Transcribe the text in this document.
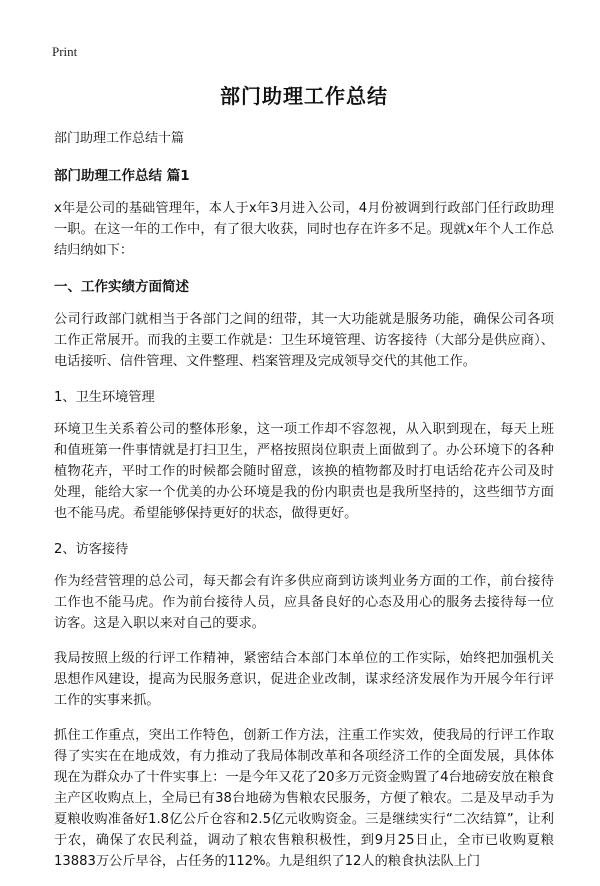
Print
部门助理工作总结
部门助理工作总结十篇
部门助理工作总结 篇1

x年是公司的基础管理年，本人于x年3月进入公司，4月份被调到行政部门任行政助理一职。在这一年的工作中，有了很大收获，同时也存在许多不足。现就x年个人工作总结归纳如下：

一、工作实绩方面简述

公司行政部门就相当于各部门之间的纽带，其一大功能就是服务功能，确保公司各项工作正常展开。而我的主要工作就是：卫生环境管理、访客接待（大部分是供应商）、电话接听、信件管理、文件整理、档案管理及完成领导交代的其他工作。

1、卫生环境管理

环境卫生关系着公司的整体形象，这一项工作却不容忽视，从入职到现在，每天上班和值班第一件事情就是打扫卫生，严格按照岗位职责上面做到了。办公环境下的各种植物花卉，平时工作的时候都会随时留意，该换的植物都及时打电话给花卉公司及时处理，能给大家一个优美的办公环境是我的份内职责也是我所坚持的，这些细节方面也不能马虎。希望能够保持更好的状态，做得更好。

2、访客接待

作为经营管理的总公司，每天都会有许多供应商到访谈判业务方面的工作，前台接待工作也不能马虎。作为前台接待人员，应具备良好的心态及用心的服务去接待每一位访客。这是入职以来对自己的要求。

我局按照上级的行评工作精神，紧密结合本部门本单位的工作实际，始终把加强机关思想作风建设，提高为民服务意识，促进企业改制，谋求经济发展作为开展今年行评工作的实事来抓。

抓住工作重点，突出工作特色，创新工作方法，注重工作实效，使我局的行评工作取得了实实在在地成效，有力推动了我局体制改革和各项经济工作的全面发展，具体体现在为群众办了十件实事上：一是今年又花了20多万元资金购置了4台地磅安放在粮食主产区收购点上，全局已有38台地磅为售粮农民服务，方便了粮农。二是及早动手为夏粮收购准备好1.8亿公斤仓容和2.5亿元收购资金。三是继续实行“二次结算”，让利于农，确保了农民利益，调动了粮农售粮积极性，到9月25日止，全市已收购夏粮13883万公斤早谷，占任务的112%。九是组织了12人的粮食执法队上门
